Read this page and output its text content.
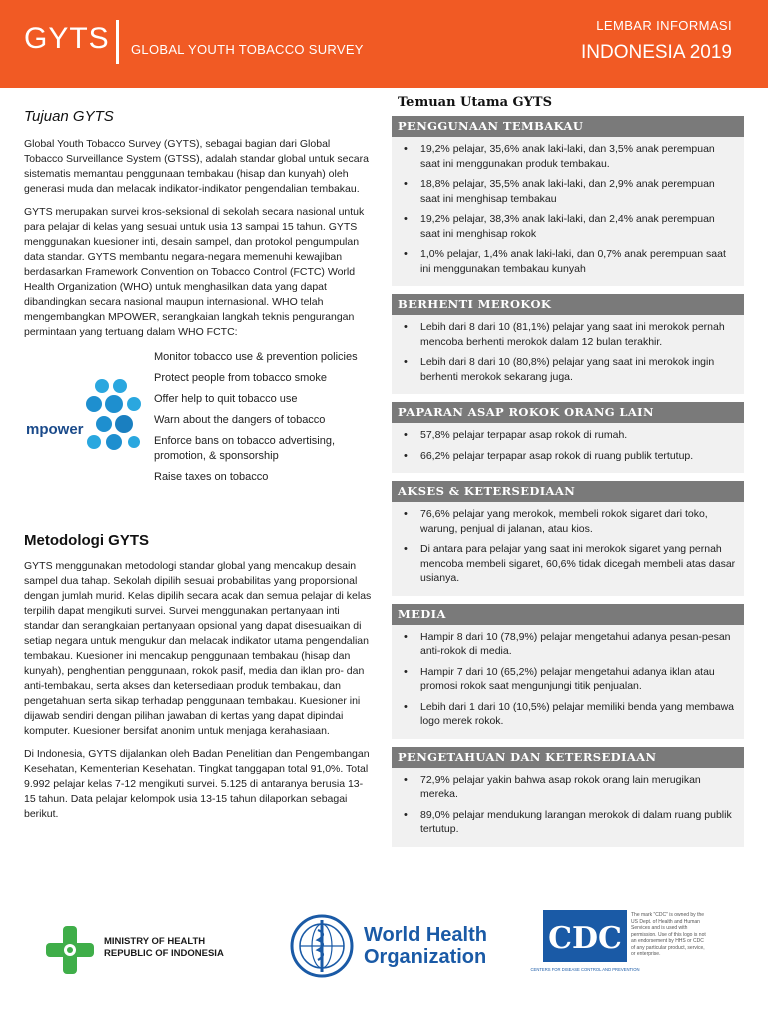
GYTS GLOBAL YOUTH TOBACCO SURVEY
LEMBAR INFORMASI
INDONESIA 2019
Tujuan GYTS

Global Youth Tobacco Survey (GYTS), sebagai bagian dari Global Tobacco Surveillance System (GTSS), adalah standar global untuk secara sistematis memantau penggunaan tembakau (hisap dan kunyah) oleh generasi muda dan melacak indikator-indikator pengendalian tembakau.

GYTS merupakan survei kros-seksional di sekolah secara nasional untuk para pelajar di kelas yang sesuai untuk usia 13 sampai 15 tahun. GYTS menggunakan kuesioner inti, desain sampel, dan protokol pengumpulan data standar. GYTS membantu negara-negara memenuhi kewajiban berdasarkan Framework Convention on Tobacco Control (FCTC) World Health Organization (WHO) untuk menghasilkan data yang dapat dibandingkan secara nasional maupun internasional. WHO telah mengembangkan MPOWER, serangkaian langkah teknis pengurangan permintaan yang tertuang dalam WHO FCTC:

mpower
Monitor tobacco use & prevention policies
Protect people from tobacco smoke
Offer help to quit tobacco use
Warn about the dangers of tobacco
Enforce bans on tobacco advertising, promotion, & sponsorship
Raise taxes on tobacco
Metodologi GYTS

GYTS menggunakan metodologi standar global yang mencakup desain sampel dua tahap. Sekolah dipilih sesuai probabilitas yang proporsional dengan jumlah murid. Kelas dipilih secara acak dan semua pelajar di kelas terpilih dapat mengikuti survei. Survei menggunakan pertanyaan inti standar dan serangkaian pertanyaan opsional yang dapat disesuaikan di setiap negara untuk mengukur dan melacak indikator utama pengendalian tembakau. Kuesioner ini mencakup penggunaan tembakau (hisap dan kunyah), penghentian penggunaan, rokok pasif, media dan iklan pro- dan anti-tembakau, serta akses dan ketersediaan produk tembakau, dan pengetahuan serta sikap terhadap penggunaan tembakau. Kuesioner ini dijawab sendiri dengan pilihan jawaban di kertas yang dapat dipindai komputer. Kuesioner bersifat anonim untuk menjaga kerahasiaan.

Di Indonesia, GYTS dijalankan oleh Badan Penelitian dan Pengembangan Kesehatan, Kementerian Kesehatan. Tingkat tanggapan total 91,0%. Total 9.992 pelajar kelas 7-12 mengikuti survei. 5.125 di antaranya berusia 13-15 tahun. Data pelajar kelompok usia 13-15 tahun dilaporkan sebagai berikut.

Temuan Utama GYTS
PENGGUNAAN TEMBAKAU
• 19,2% pelajar, 35,6% anak laki-laki, dan 3,5% anak perempuan saat ini menggunakan produk tembakau.
• 18,8% pelajar, 35,5% anak laki-laki, dan 2,9% anak perempuan saat ini menghisap tembakau
• 19,2% pelajar, 38,3% anak laki-laki, dan 2,4% anak perempuan saat ini menghisap rokok
• 1,0% pelajar, 1,4% anak laki-laki, dan 0,7% anak perempuan saat ini menggunakan tembakau kunyah
BERHENTI MEROKOK
• Lebih dari 8 dari 10 (81,1%) pelajar yang saat ini merokok pernah mencoba berhenti merokok dalam 12 bulan terakhir.
• Lebih dari 8 dari 10 (80,8%) pelajar yang saat ini merokok ingin berhenti merokok sekarang juga.
PAPARAN ASAP ROKOK ORANG LAIN
• 57,8% pelajar terpapar asap rokok di rumah.
• 66,2% pelajar terpapar asap rokok di ruang publik tertutup.
AKSES & KETERSEDIAAN
• 76,6% pelajar yang merokok, membeli rokok sigaret dari toko, warung, penjual di jalanan, atau kios.
• Di antara para pelajar yang saat ini merokok sigaret yang pernah mencoba membeli sigaret, 60,6% tidak dicegah membeli atas dasar usianya.
MEDIA
• Hampir 8 dari 10 (78,9%) pelajar mengetahui adanya pesan-pesan anti-rokok di media.
• Hampir 7 dari 10 (65,2%) pelajar mengetahui adanya iklan atau promosi rokok saat mengunjungi titik penjualan.
• Lebih dari 1 dari 10 (10,5%) pelajar memiliki benda yang membawa logo merek rokok.
PENGETAHUAN DAN KETERSEDIAAN
• 72,9% pelajar yakin bahwa asap rokok orang lain merugikan mereka.
• 89,0% pelajar mendukung larangan merokok di dalam ruang publik tertutup.
MINISTRY OF HEALTH
REPUBLIC OF INDONESIA
World Health
Organization
CDC
CENTERS FOR DISEASE CONTROL AND PREVENTION
The mark "CDC" is owned by the US Dept. of Health and Human Services and is used with permission. Use of this logo is not an endorsement by HHS or CDC of any particular product, service, or enterprise.
